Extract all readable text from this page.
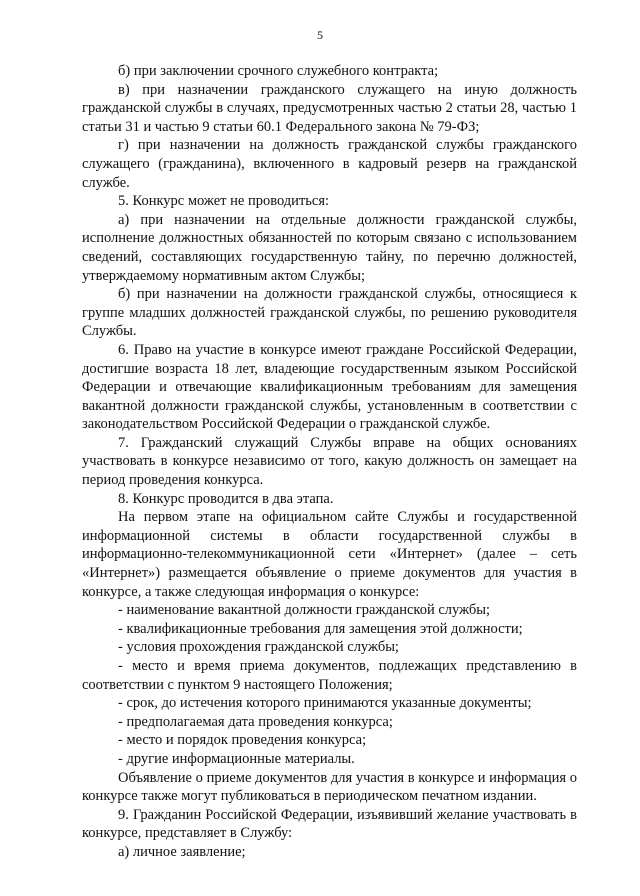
5

б) при заключении срочного служебного контракта;

в) при назначении гражданского служащего на иную должность гражданской службы в случаях, предусмотренных частью 2 статьи 28, частью 1 статьи 31 и частью 9 статьи 60.1 Федерального закона № 79-ФЗ;

г) при назначении на должность гражданской службы гражданского служащего (гражданина), включенного в кадровый резерв на гражданской службе.

5. Конкурс может не проводиться:

а) при назначении на отдельные должности гражданской службы, исполнение должностных обязанностей по которым связано с использованием сведений, составляющих государственную тайну, по перечню должностей, утверждаемому нормативным актом Службы;

б) при назначении на должности гражданской службы, относящиеся к группе младших должностей гражданской службы, по решению руководителя Службы.

6. Право на участие в конкурсе имеют граждане Российской Федерации, достигшие возраста 18 лет, владеющие государственным языком Российской Федерации и отвечающие квалификационным требованиям для замещения вакантной должности гражданской службы, установленным в соответствии с законодательством Российской Федерации о гражданской службе.

7. Гражданский служащий Службы вправе на общих основаниях участвовать в конкурсе независимо от того, какую должность он замещает на период проведения конкурса.

8. Конкурс проводится в два этапа.

На первом этапе на официальном сайте Службы и государственной информационной системы в области государственной службы в информационно-телекоммуникационной сети «Интернет» (далее – сеть «Интернет») размещается объявление о приеме документов для участия в конкурсе, а также следующая информация о конкурсе:

- наименование вакантной должности гражданской службы;

- квалификационные требования для замещения этой должности;

- условия прохождения гражданской службы;

- место и время приема документов, подлежащих представлению в соответствии с пунктом 9 настоящего Положения;

- срок, до истечения которого принимаются указанные документы;

- предполагаемая дата проведения конкурса;

- место и порядок проведения конкурса;

- другие информационные материалы.

Объявление о приеме документов для участия в конкурсе и информация о конкурсе также могут публиковаться в периодическом печатном издании.

9. Гражданин Российской Федерации, изъявивший желание участвовать в конкурсе, представляет в Службу:

а) личное заявление;
